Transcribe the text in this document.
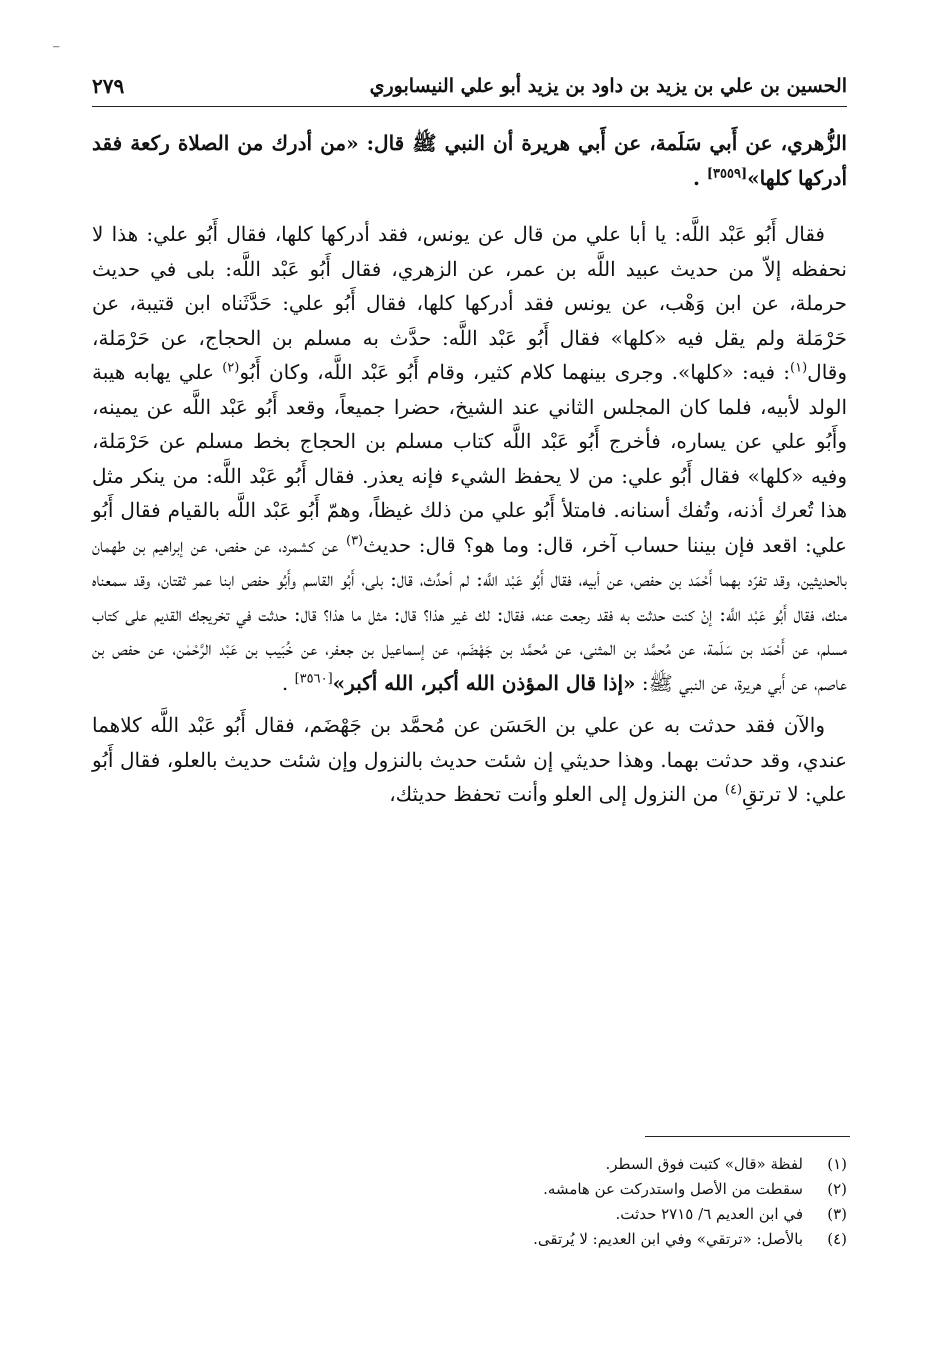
⁻
الحسين بن علي بن يزيد بن داود بن يزيد أبو علي النيسابوري
٢٧٩

الزُّهري، عن أَبي سَلَمة، عن أَبي هريرة أن النبي ﷺ قال: «من أدرك من الصلاة ركعة فقد أدركها كلها»[٣٥٥٩] .

فقال أَبُو عَبْد اللَّه: يا أبا علي من قال عن يونس، فقد أدركها كلها، فقال أَبُو علي: هذا لا نحفظه إلاّ من حديث عبيد اللَّه بن عمر، عن الزهري، فقال أَبُو عَبْد اللَّه: بلى في حديث حرملة، عن ابن وَهْب، عن يونس فقد أدركها كلها، فقال أَبُو علي: حَدَّثَناه ابن قتيبة، عن حَرْمَلة ولم يقل فيه «كلها» فقال أَبُو عَبْد اللَّه: حدَّث به مسلم بن الحجاج، عن حَرْمَلة، وقال$^{(١)}$: فيه: «كلها». وجرى بينهما كلام كثير، وقام أَبُو عَبْد اللَّه، وكان أَبُو$^{(٢)}$ علي يهابه هيبة الولد لأبيه، فلما كان المجلس الثاني عند الشيخ، حضرا جميعاً، وقعد أَبُو عَبْد اللَّه عن يمينه، وأَبُو علي عن يساره، فأخرج أَبُو عَبْد اللَّه كتاب مسلم بن الحجاج بخط مسلم عن حَرْمَلة، وفيه «كلها» فقال أَبُو علي: من لا يحفظ الشيء فإنه يعذر. فقال أَبُو عَبْد اللَّه: من ينكر مثل هذا تُعرك أذنه، وتُفك أسنانه. فامتلأ أَبُو علي من ذلك غيظاً، وهمّ أَبُو عَبْد اللَّه بالقيام فقال أَبُو علي: اقعد فإن بيننا حساب آخر، قال: وما هو؟ قال: حديث$^{(٣)}$ عن كشمرد، عن حفص، عن إبراهيم بن طهمان بالحديثين، وقد تفرّد بهما أَحْمَد بن حفص، عن أبيه، فقال أَبُو عَبْد اللَّه: لم أحدِّث، قال: بلى، أَبُو القاسم وأَبُو حفص ابنا عمر ثقتان، وقد سمعناه منك، فقال أَبُو عَبْد اللَّه: إنْ كنت حدثت به فقد رجعت عنه، فقال: لك غير هذا؟ قال: مثل ما هذا؟ قال: حدثت في تخريجك القديم على كتاب مسلم، عن أَحْمَد بن سَلَمة، عن مُحمَّد بن المثنى، عن مُحمَّد بن جَهْضَم، عن إسماعيل بن جعفر، عن خُبَيب بن عَبْد الرَّحْمٰن، عن حفص بن عاصم، عن أَبي هريرة، عن النبي ﷺ: «إذا قال المؤذن الله أكبر، الله أكبر»[٣٥٦٠] .

والآن فقد حدثت به عن علي بن الحَسَن عن مُحمَّد بن جَهْضَم، فقال أَبُو عَبْد اللَّه كلاهما عندي، وقد حدثت بهما. وهذا حديثي إن شئت حديث بالنزول وإن شئت حديث بالعلو، فقال أَبُو علي: لا ترتقِ$^{(٤)}$ من النزول إلى العلو وأنت تحفظ حديثك،

(١)
لفظة «قال» كتبت فوق السطر.
(٢)
سقطت من الأصل واستدركت عن هامشه.
(٣)
في ابن العديم ٦/ ٢٧١٥ حدثت.
(٤)
بالأصل: «ترتقي» وفي ابن العديم: لا يُرتقى.
